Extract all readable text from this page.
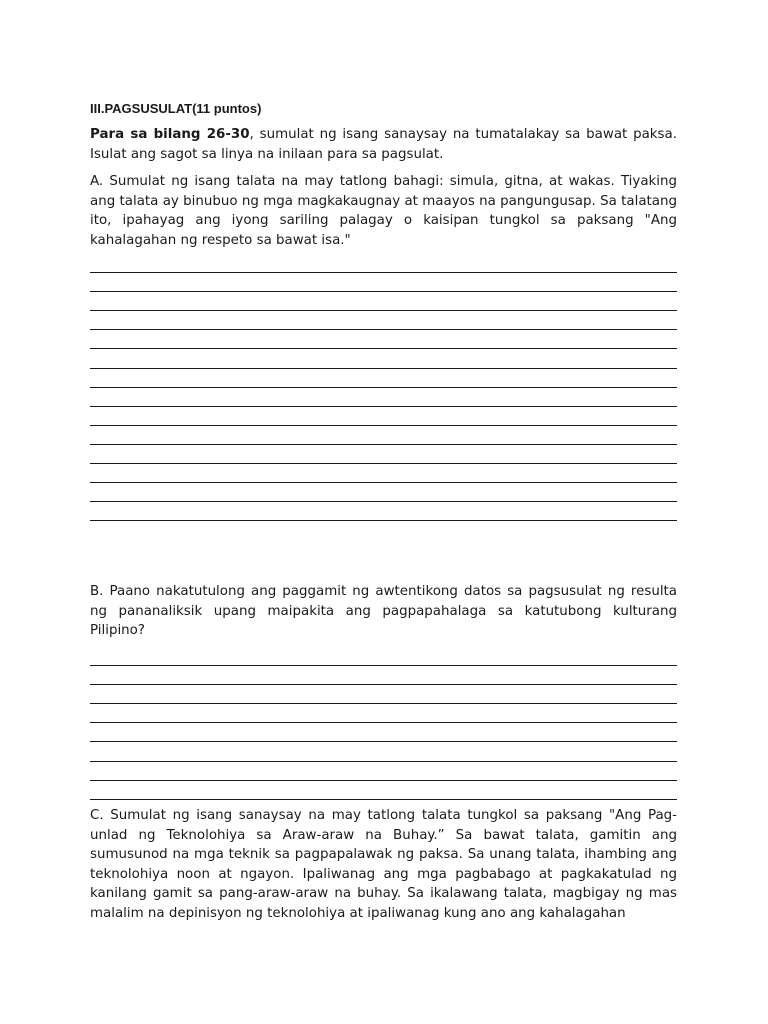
III.PAGSUSULAT(11 puntos)

Para sa bilang 26-30, sumulat ng isang sanaysay na tumatalakay sa bawat paksa. Isulat ang sagot sa linya na inilaan para sa pagsulat.

A. Sumulat ng isang talata na may tatlong bahagi: simula, gitna, at wakas. Tiyaking ang talata ay binubuo ng mga magkakaugnay at maayos na pangungusap. Sa talatang ito, ipahayag ang iyong sariling palagay o kaisipan tungkol sa paksang "Ang kahalagahan ng respeto sa bawat isa."

B. Paano nakatutulong ang paggamit ng awtentikong datos sa pagsusulat ng resulta ng pananaliksik upang maipakita ang pagpapahalaga sa katutubong kulturang Pilipino?

C. Sumulat ng isang sanaysay na may tatlong talata tungkol sa paksang "Ang Pag-unlad ng Teknolohiya sa Araw-araw na Buhay.” Sa bawat talata, gamitin ang sumusunod na mga teknik sa pagpapalawak ng paksa. Sa unang talata, ihambing ang teknolohiya noon at ngayon. Ipaliwanag ang mga pagbabago at pagkakatulad ng kanilang gamit sa pang-araw-araw na buhay. Sa ikalawang talata, magbigay ng mas malalim na depinisyon ng teknolohiya at ipaliwanag kung ano ang kahalagahan
